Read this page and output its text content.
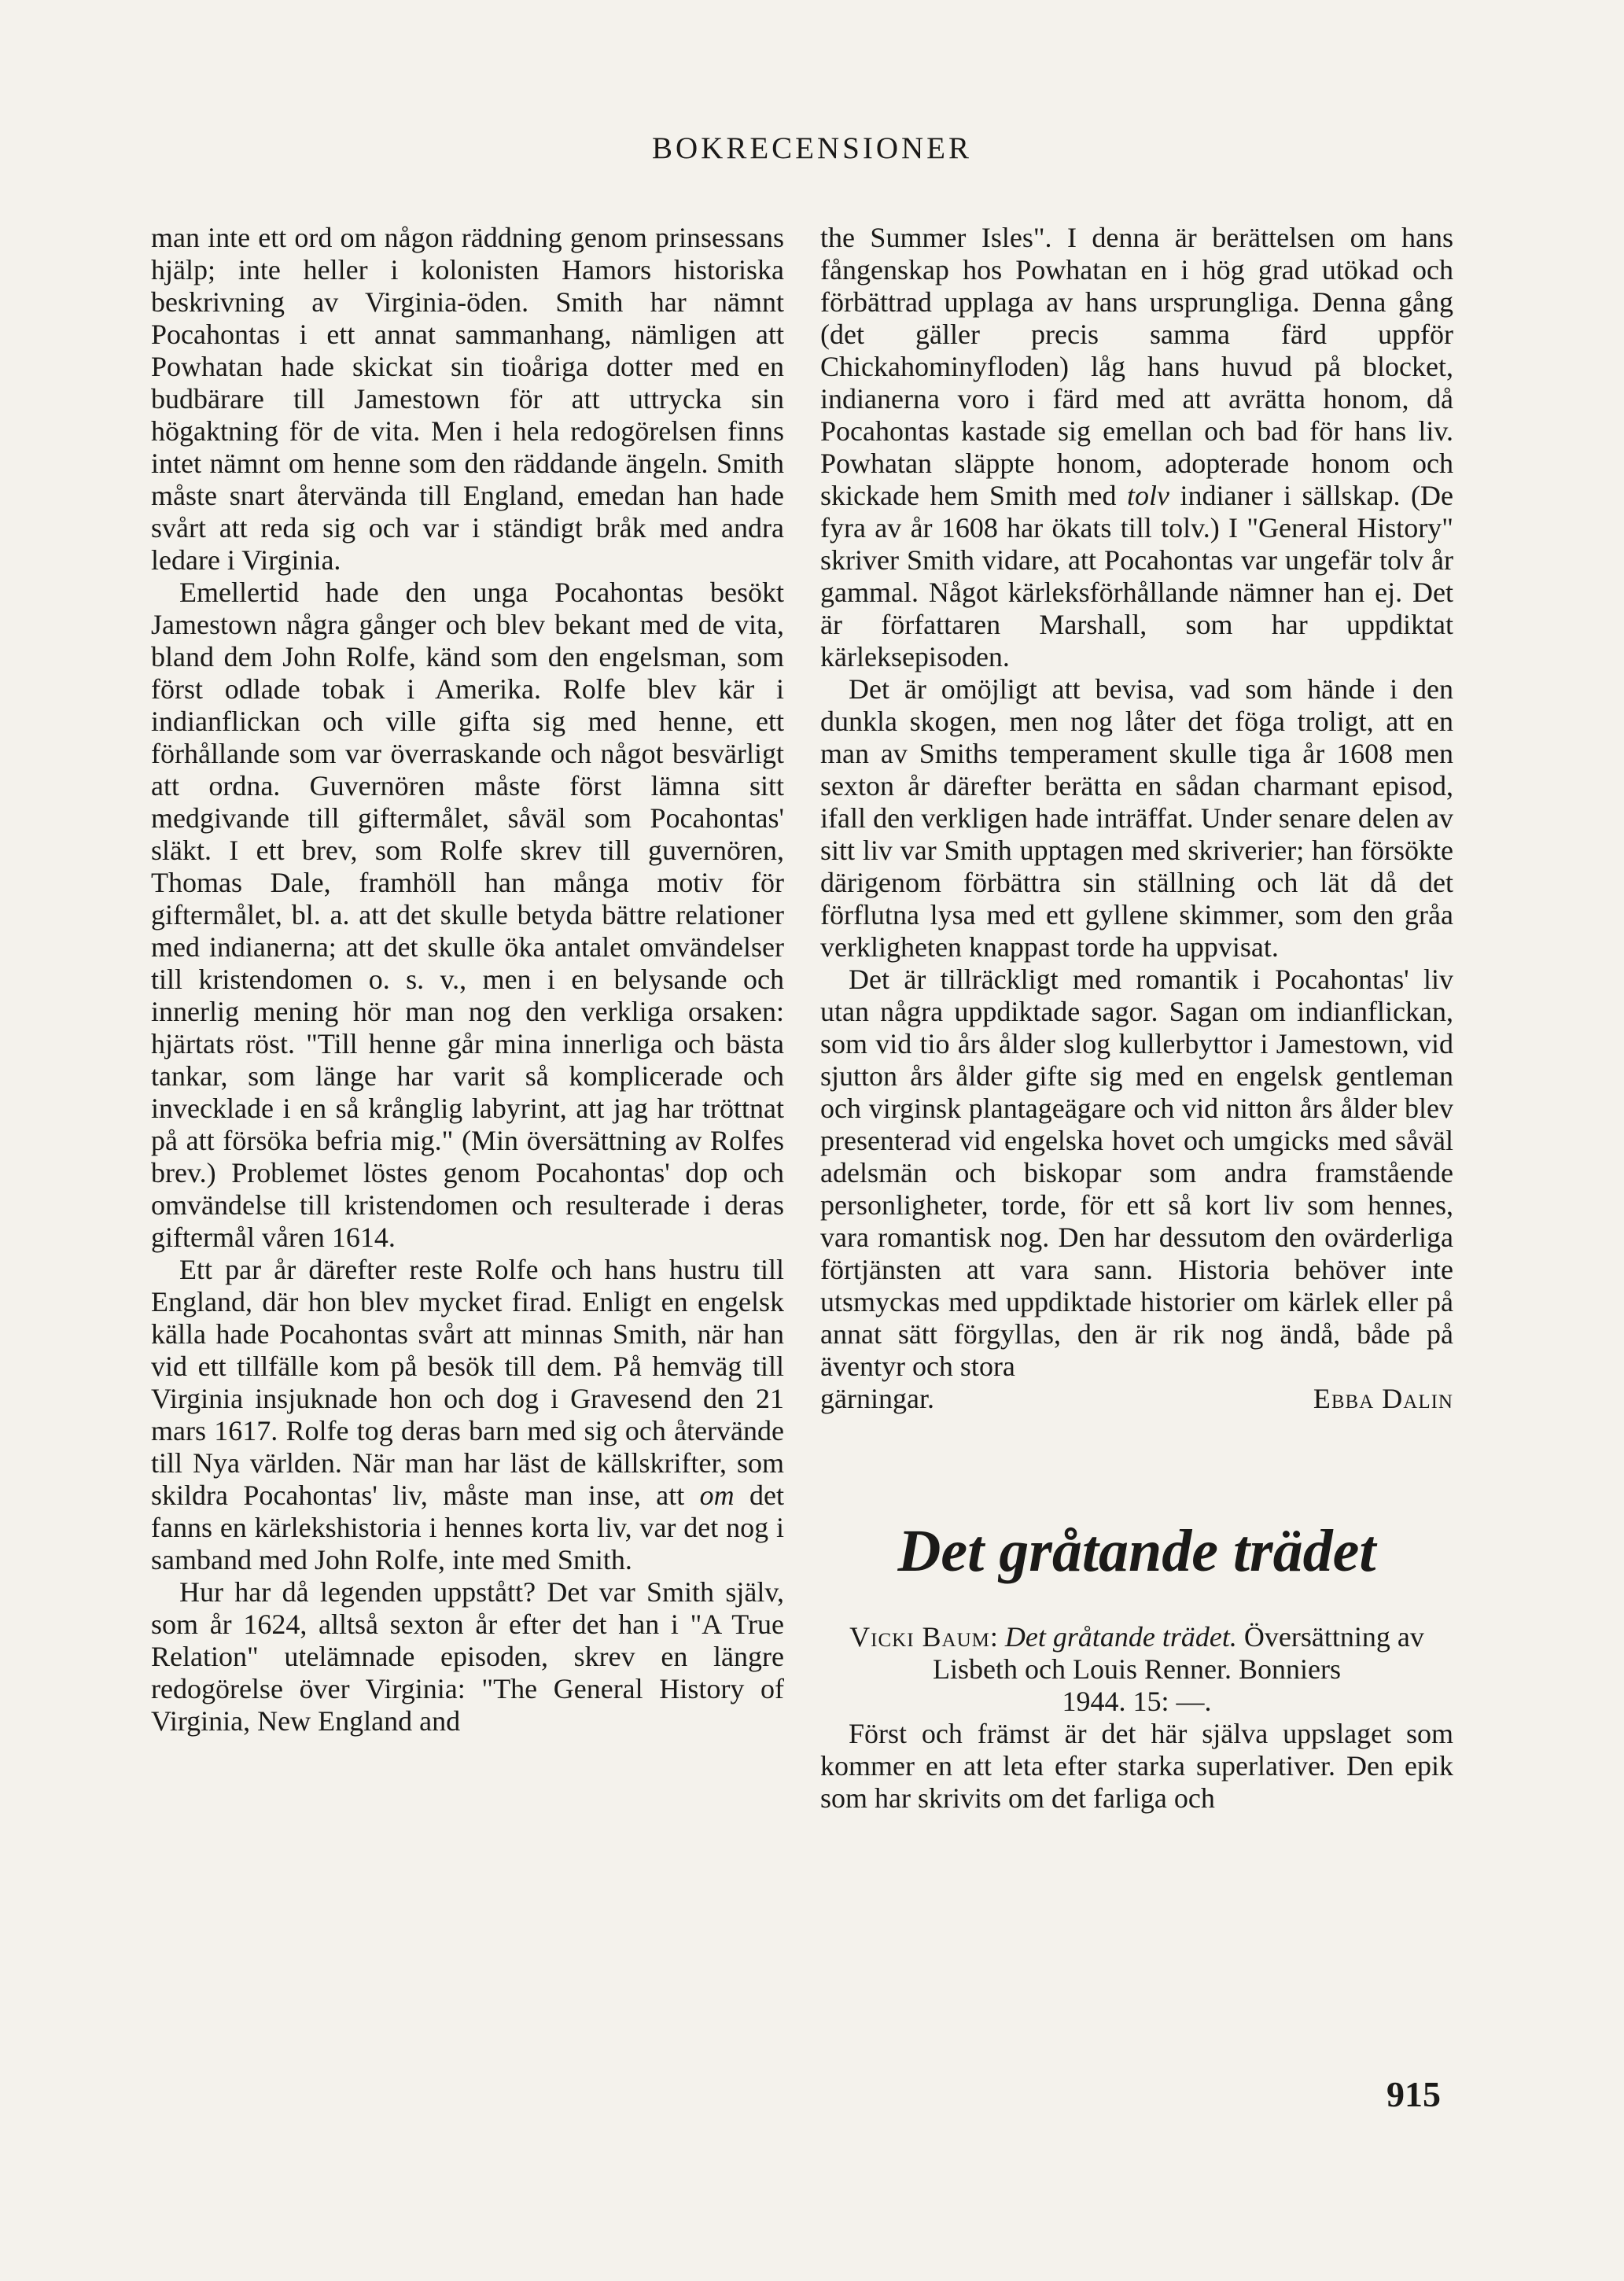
BOKRECENSIONER

man inte ett ord om någon räddning genom prinsessans hjälp; inte heller i kolonisten Hamors historiska beskrivning av Virginia-öden. Smith har nämnt Pocahontas i ett annat sammanhang, nämligen att Powhatan hade skickat sin tioåriga dotter med en budbärare till Jamestown för att uttrycka sin högaktning för de vita. Men i hela redogörelsen finns intet nämnt om henne som den räddande ängeln. Smith måste snart återvända till England, emedan han hade svårt att reda sig och var i ständigt bråk med andra ledare i Virginia.

Emellertid hade den unga Pocahontas besökt Jamestown några gånger och blev bekant med de vita, bland dem John Rolfe, känd som den engelsman, som först odlade tobak i Amerika. Rolfe blev kär i indianflickan och ville gifta sig med henne, ett förhållande som var överraskande och något besvärligt att ordna. Guvernören måste först lämna sitt medgivande till giftermålet, såväl som Pocahontas' släkt. I ett brev, som Rolfe skrev till guvernören, Thomas Dale, framhöll han många motiv för giftermålet, bl. a. att det skulle betyda bättre relationer med indianerna; att det skulle öka antalet omvändelser till kristendomen o. s. v., men i en belysande och innerlig mening hör man nog den verkliga orsaken: hjärtats röst. "Till henne går mina innerliga och bästa tankar, som länge har varit så komplicerade och invecklade i en så krånglig labyrint, att jag har tröttnat på att försöka befria mig." (Min översättning av Rolfes brev.) Problemet löstes genom Pocahontas' dop och omvändelse till kristendomen och resulterade i deras giftermål våren 1614.

Ett par år därefter reste Rolfe och hans hustru till England, där hon blev mycket firad. Enligt en engelsk källa hade Pocahontas svårt att minnas Smith, när han vid ett tillfälle kom på besök till dem. På hemväg till Virginia insjuknade hon och dog i Gravesend den 21 mars 1617. Rolfe tog deras barn med sig och återvände till Nya världen. När man har läst de källskrifter, som skildra Pocahontas' liv, måste man inse, att om det fanns en kärlekshistoria i hennes korta liv, var det nog i samband med John Rolfe, inte med Smith.

Hur har då legenden uppstått? Det var Smith själv, som år 1624, alltså sexton år efter det han i "A True Relation" utelämnade episoden, skrev en längre redogörelse över Virginia: "The General History of Virginia, New England and

the Summer Isles". I denna är berättelsen om hans fångenskap hos Powhatan en i hög grad utökad och förbättrad upplaga av hans ursprungliga. Denna gång (det gäller precis samma färd uppför Chickahominyfloden) låg hans huvud på blocket, indianerna voro i färd med att avrätta honom, då Pocahontas kastade sig emellan och bad för hans liv. Powhatan släppte honom, adopterade honom och skickade hem Smith med tolv indianer i sällskap. (De fyra av år 1608 har ökats till tolv.) I "General History" skriver Smith vidare, att Pocahontas var ungefär tolv år gammal. Något kärleksförhållande nämner han ej. Det är författaren Marshall, som har uppdiktat kärleksepisoden.

Det är omöjligt att bevisa, vad som hände i den dunkla skogen, men nog låter det föga troligt, att en man av Smiths temperament skulle tiga år 1608 men sexton år därefter berätta en sådan charmant episod, ifall den verkligen hade inträffat. Under senare delen av sitt liv var Smith upptagen med skriverier; han försökte därigenom förbättra sin ställning och lät då det förflutna lysa med ett gyllene skimmer, som den gråa verkligheten knappast torde ha uppvisat.

Det är tillräckligt med romantik i Pocahontas' liv utan några uppdiktade sagor. Sagan om indianflickan, som vid tio års ålder slog kullerbyttor i Jamestown, vid sjutton års ålder gifte sig med en engelsk gentleman och virginsk plantageägare och vid nitton års ålder blev presenterad vid engelska hovet och umgicks med såväl adelsmän och biskopar som andra framstående personligheter, torde, för ett så kort liv som hennes, vara romantisk nog. Den har dessutom den ovärderliga förtjänsten att vara sann. Historia behöver inte utsmyckas med uppdiktade historier om kärlek eller på annat sätt förgyllas, den är rik nog ändå, både på äventyr och stora

gärningar.	Ebba Dalin
Det gråtande trädet

Vicki Baum: Det gråtande trädet. Översättning av Lisbeth och Louis Renner. Bonniers
1944. 15: —.

Först och främst är det här själva uppslaget som kommer en att leta efter starka superlativer. Den epik som har skrivits om det farliga och

915
